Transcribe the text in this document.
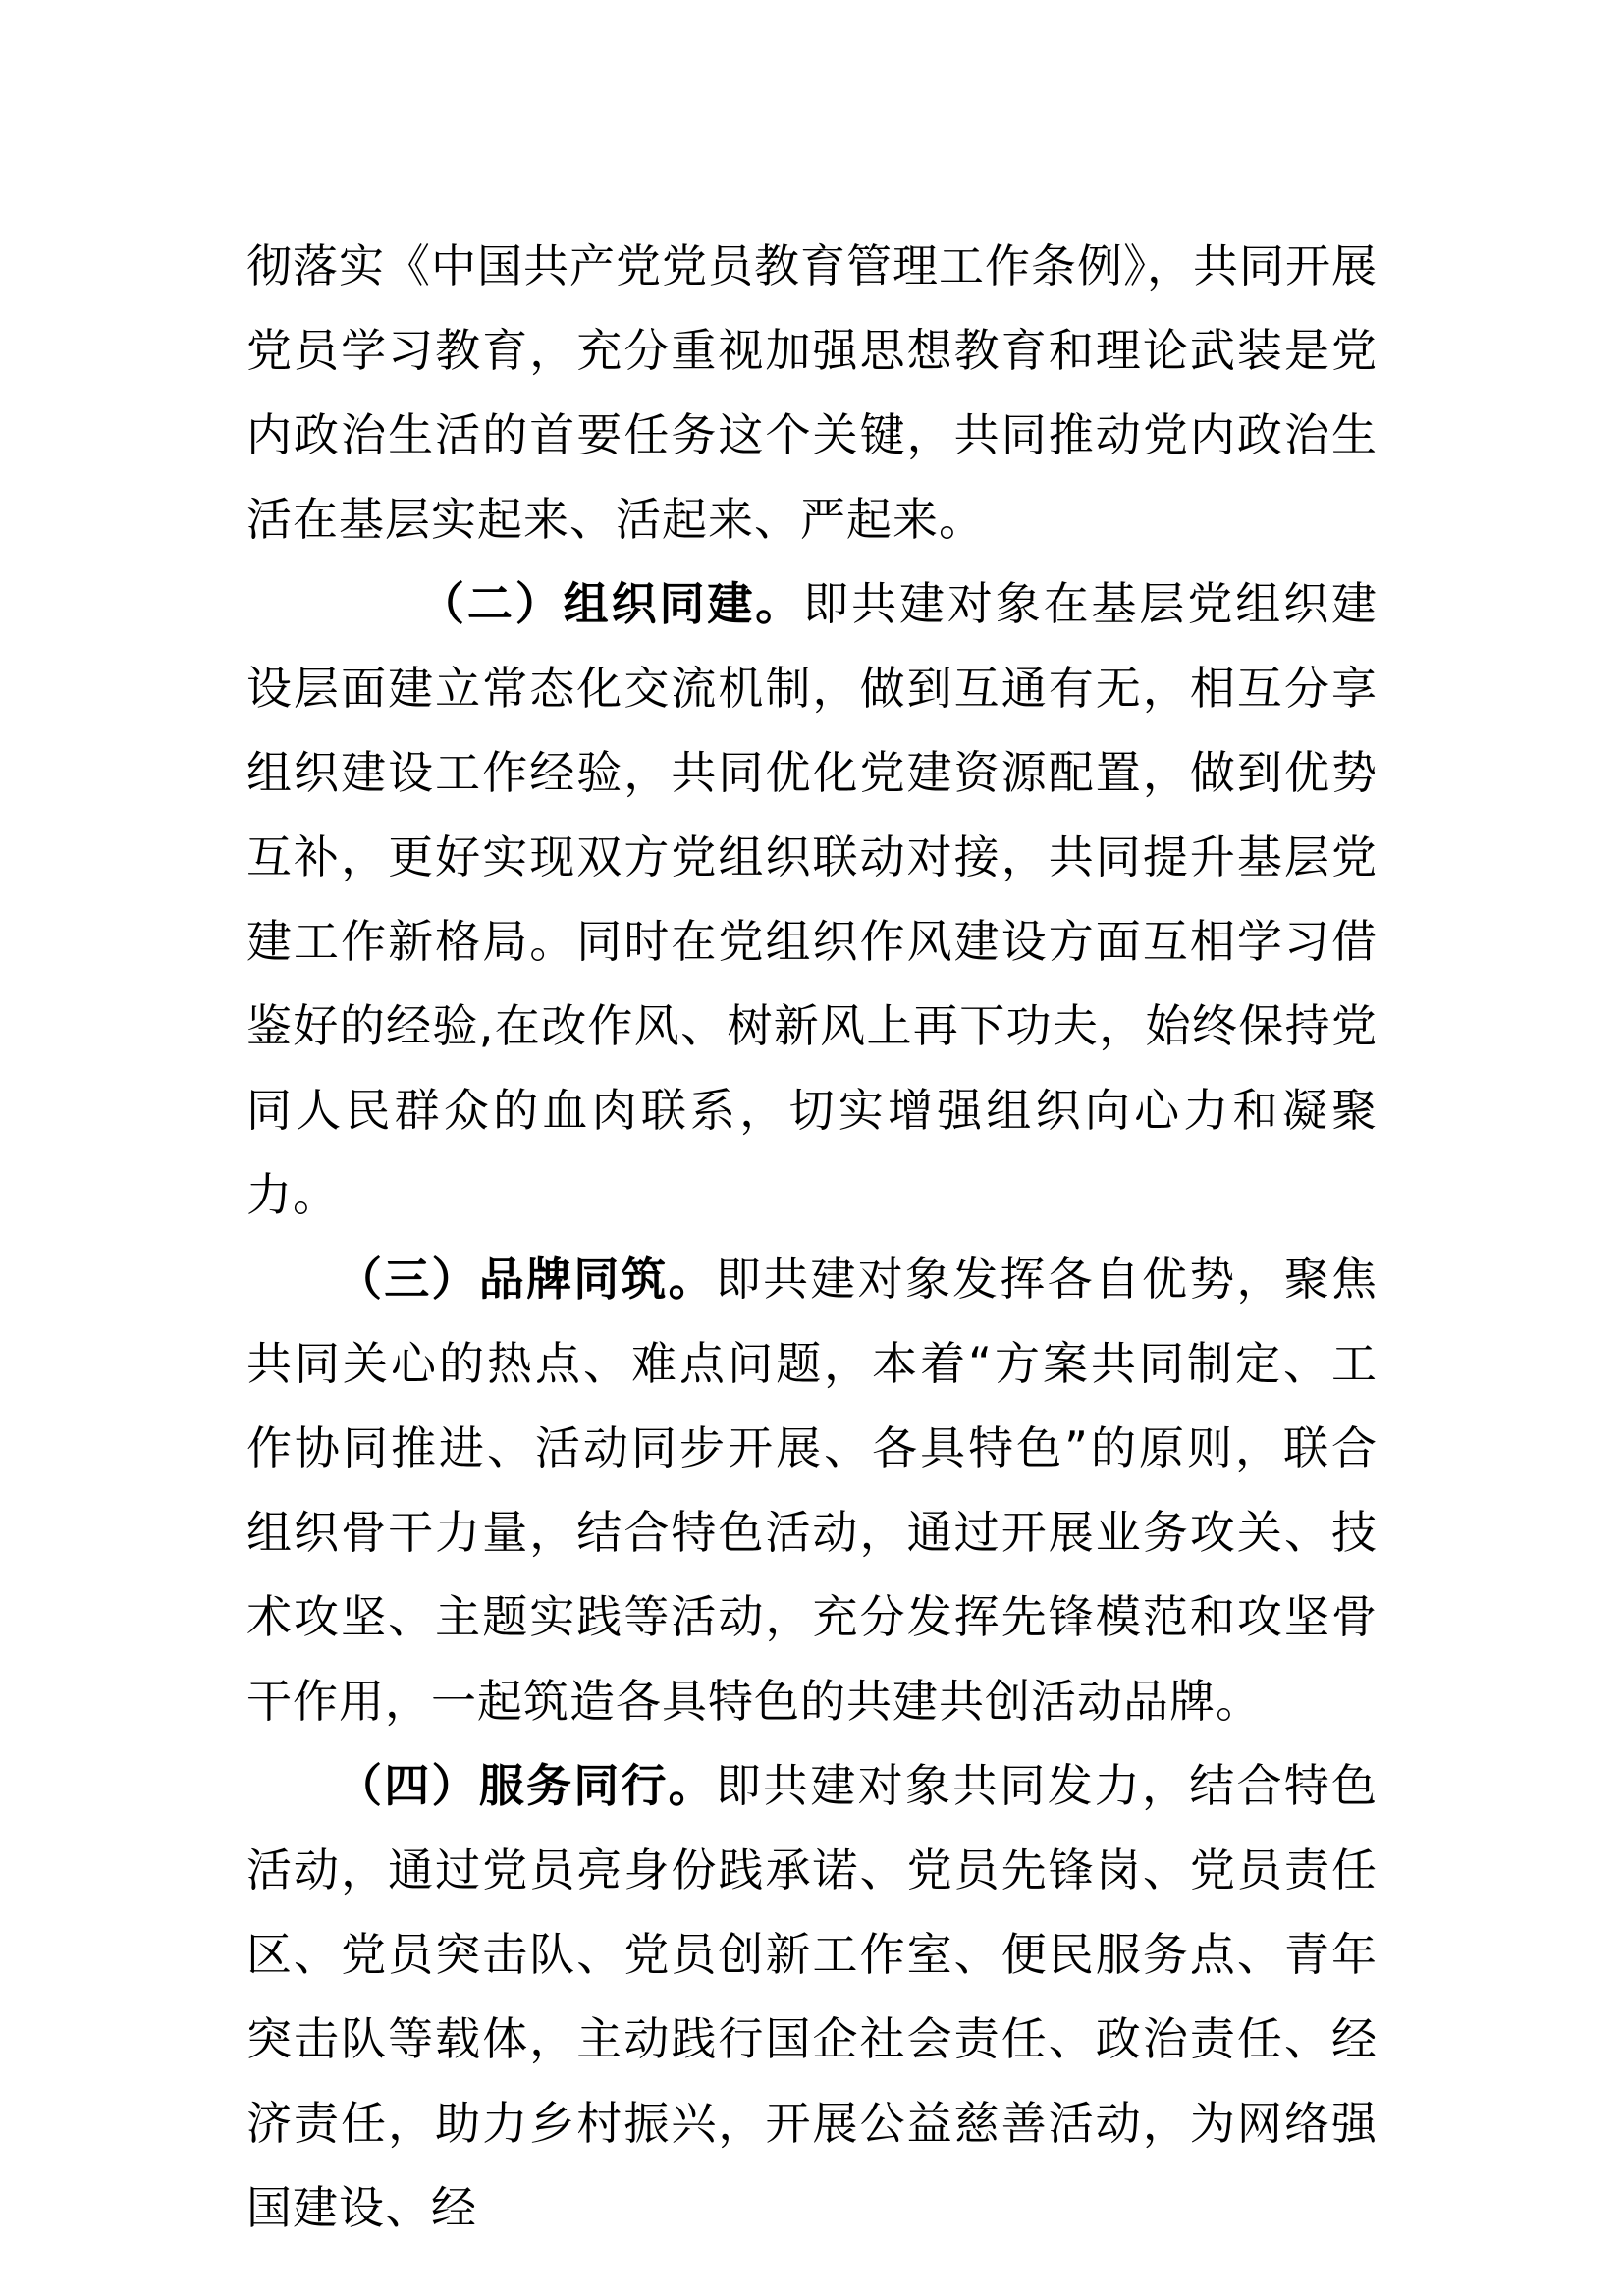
彻落实《中国共产党党员教育管理工作条例》，共同开展党员学习教育，充分重视加强思想教育和理论武装是党内政治生活的首要任务这个关键，共同推动党内政治生活在基层实起来、活起来、严起来。

（二）组织同建。即共建对象在基层党组织建设层面建立常态化交流机制，做到互通有无，相互分享组织建设工作经验，共同优化党建资源配置，做到优势互补，更好实现双方党组织联动对接，共同提升基层党建工作新格局。同时在党组织作风建设方面互相学习借鉴好的经验,在改作风、树新风上再下功夫，始终保持党同人民群众的血肉联系，切实增强组织向心力和凝聚力。

（三）品牌同筑。即共建对象发挥各自优势，聚焦共同关心的热点、难点问题，本着“方案共同制定、工作协同推进、活动同步开展、各具特色”的原则，联合组织骨干力量，结合特色活动，通过开展业务攻关、技术攻坚、主题实践等活动，充分发挥先锋模范和攻坚骨干作用，一起筑造各具特色的共建共创活动品牌。

（四）服务同行。即共建对象共同发力，结合特色活动，通过党员亮身份践承诺、党员先锋岗、党员责任区、党员突击队、党员创新工作室、便民服务点、青年突击队等载体，主动践行国企社会责任、政治责任、经济责任，助力乡村振兴，开展公益慈善活动，为网络强国建设、经
